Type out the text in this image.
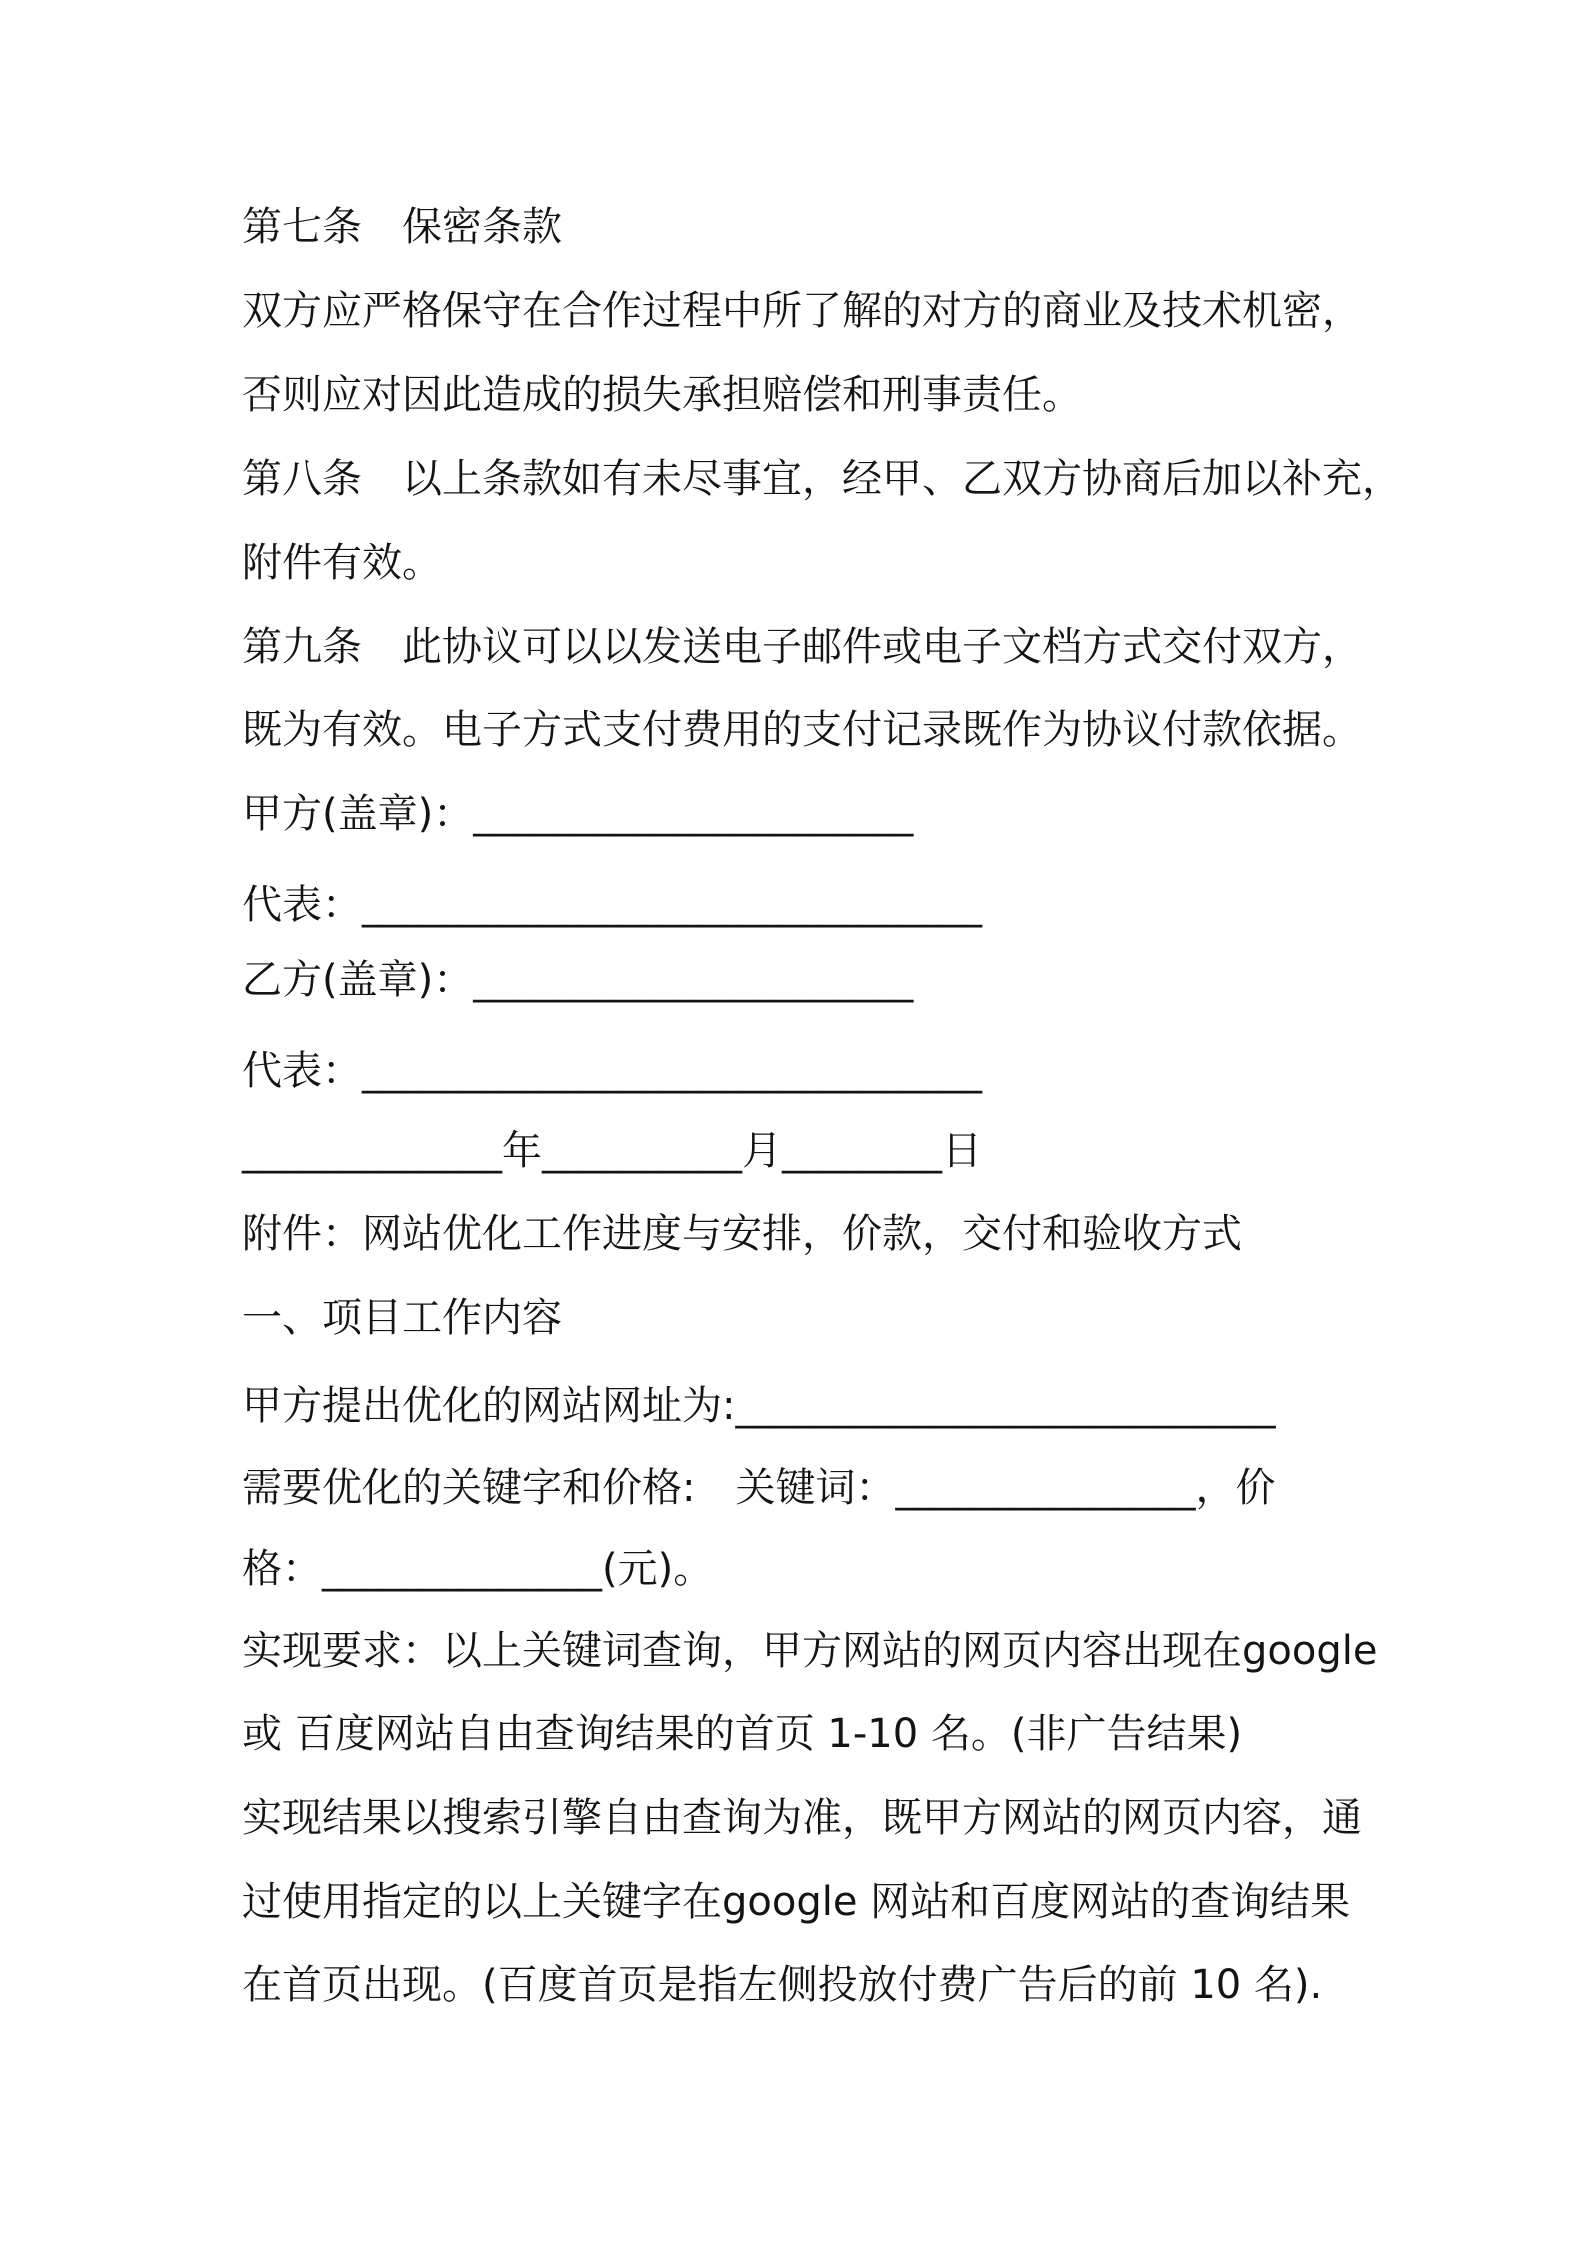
第七条　保密条款

双方应严格保守在合作过程中所了解的对方的商业及技术机密，

否则应对因此造成的损失承担赔偿和刑事责任。

第八条　以上条款如有未尽事宜，经甲、乙双方协商后加以补充，

附件有效。

第九条　此协议可以以发送电子邮件或电子文档方式交付双方，

既为有效。电子方式支付费用的支付记录既作为协议付款依据。

甲方(盖章)：______________________

代表：_______________________________

乙方(盖章)：______________________

代表：_______________________________

_____________年__________月________日

附件：网站优化工作进度与安排，价款，交付和验收方式

一、项目工作内容

甲方提出优化的网站网址为:___________________________

需要优化的关键字和价格:　关键词：_______________，价

格：______________(元)。

实现要求：以上关键词查询，甲方网站的网页内容出现在google

或 百度网站自由查询结果的首页 1-10 名。(非广告结果)

实现结果以搜索引擎自由查询为准，既甲方网站的网页内容，通

过使用指定的以上关键字在google 网站和百度网站的查询结果

在首页出现。(百度首页是指左侧投放付费广告后的前 10 名).
